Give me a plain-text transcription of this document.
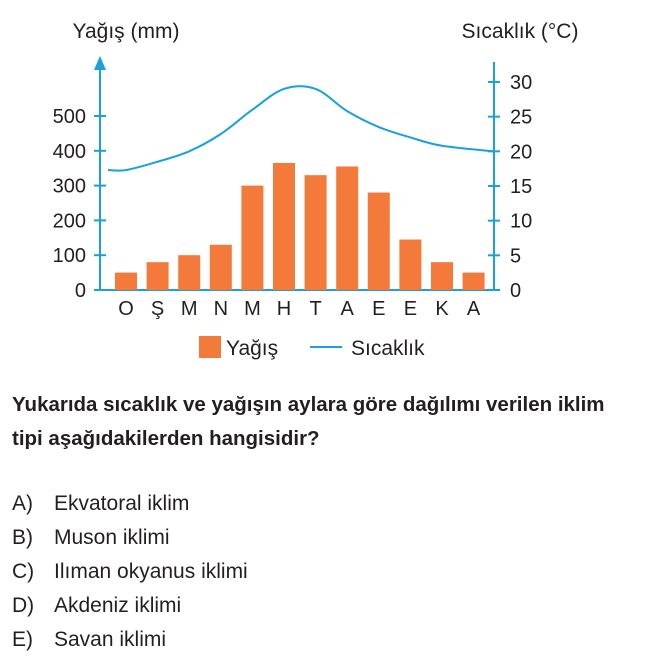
0
100
200
300
400
500
0
5
10
15
20
25
30
O Ş M N M H T A E E K A
Yağış (mm)	Sıcaklık (°C)
Yağış	Sıcaklık

Yukarıda sıcaklık ve yağışın aylara göre dağılımı verilen iklim tipi aşağıdakilerden hangisidir?

A) Ekvatoral iklim
B) Muson iklimi
C) Ilıman okyanus iklimi
D) Akdeniz iklimi
E) Savan iklimi
